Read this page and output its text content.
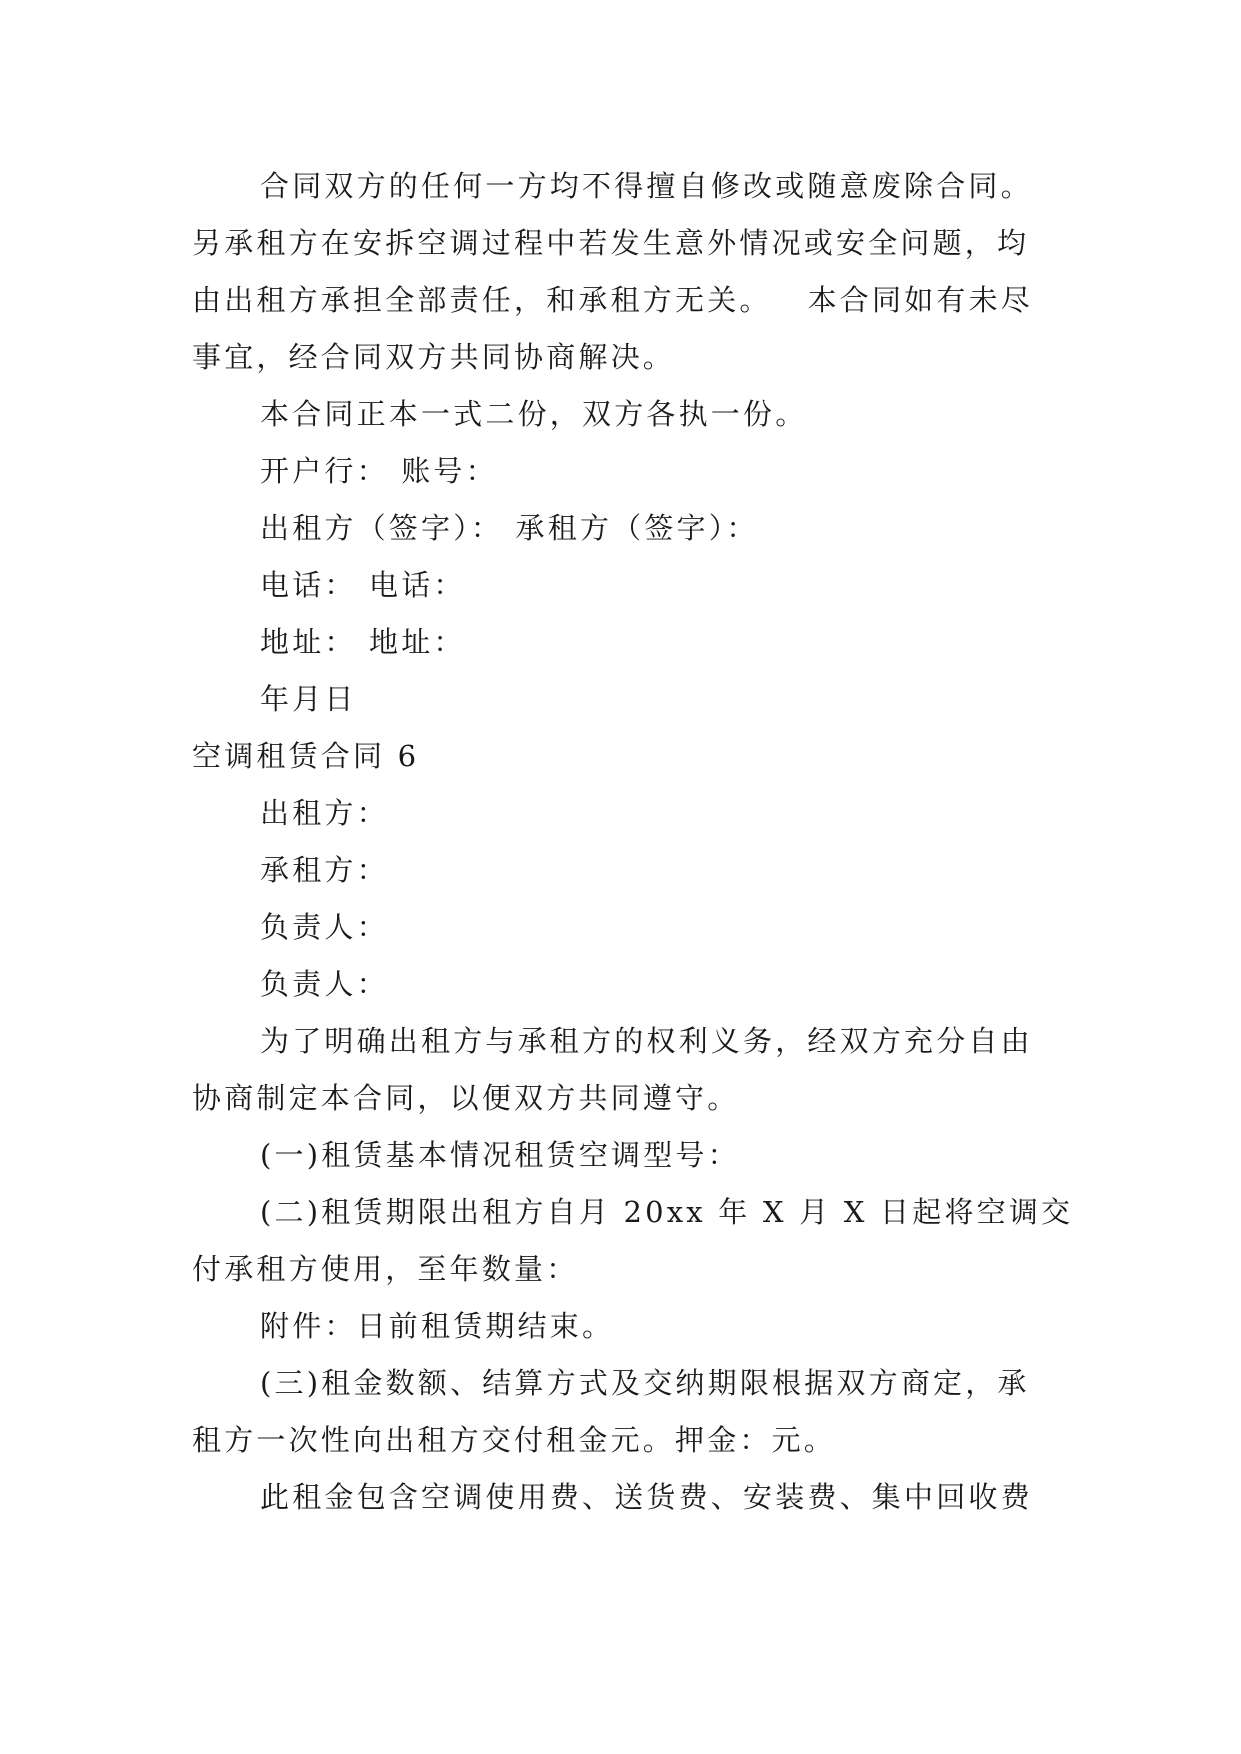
合同双方的任何一方均不得擅自修改或随意废除合同。
另承租方在安拆空调过程中若发生意外情况或安全问题，均
由出租方承担全部责任，和承租方无关。 本合同如有未尽
事宜，经合同双方共同协商解决。
本合同正本一式二份，双方各执一份。
开户行： 账号：
出租方（签字）： 承租方（签字）：
电话： 电话：
地址： 地址：
年月日
空调租赁合同 6
出租方：
承租方：
负责人：
负责人：
为了明确出租方与承租方的权利义务，经双方充分自由
协商制定本合同，以便双方共同遵守。
(一)租赁基本情况租赁空调型号：
(二)租赁期限出租方自月 20xx 年 X 月 X 日起将空调交
付承租方使用，至年数量：
附件：日前租赁期结束。
(三)租金数额、结算方式及交纳期限根据双方商定，承
租方一次性向出租方交付租金元。押金：元。
此租金包含空调使用费、送货费、安装费、集中回收费
